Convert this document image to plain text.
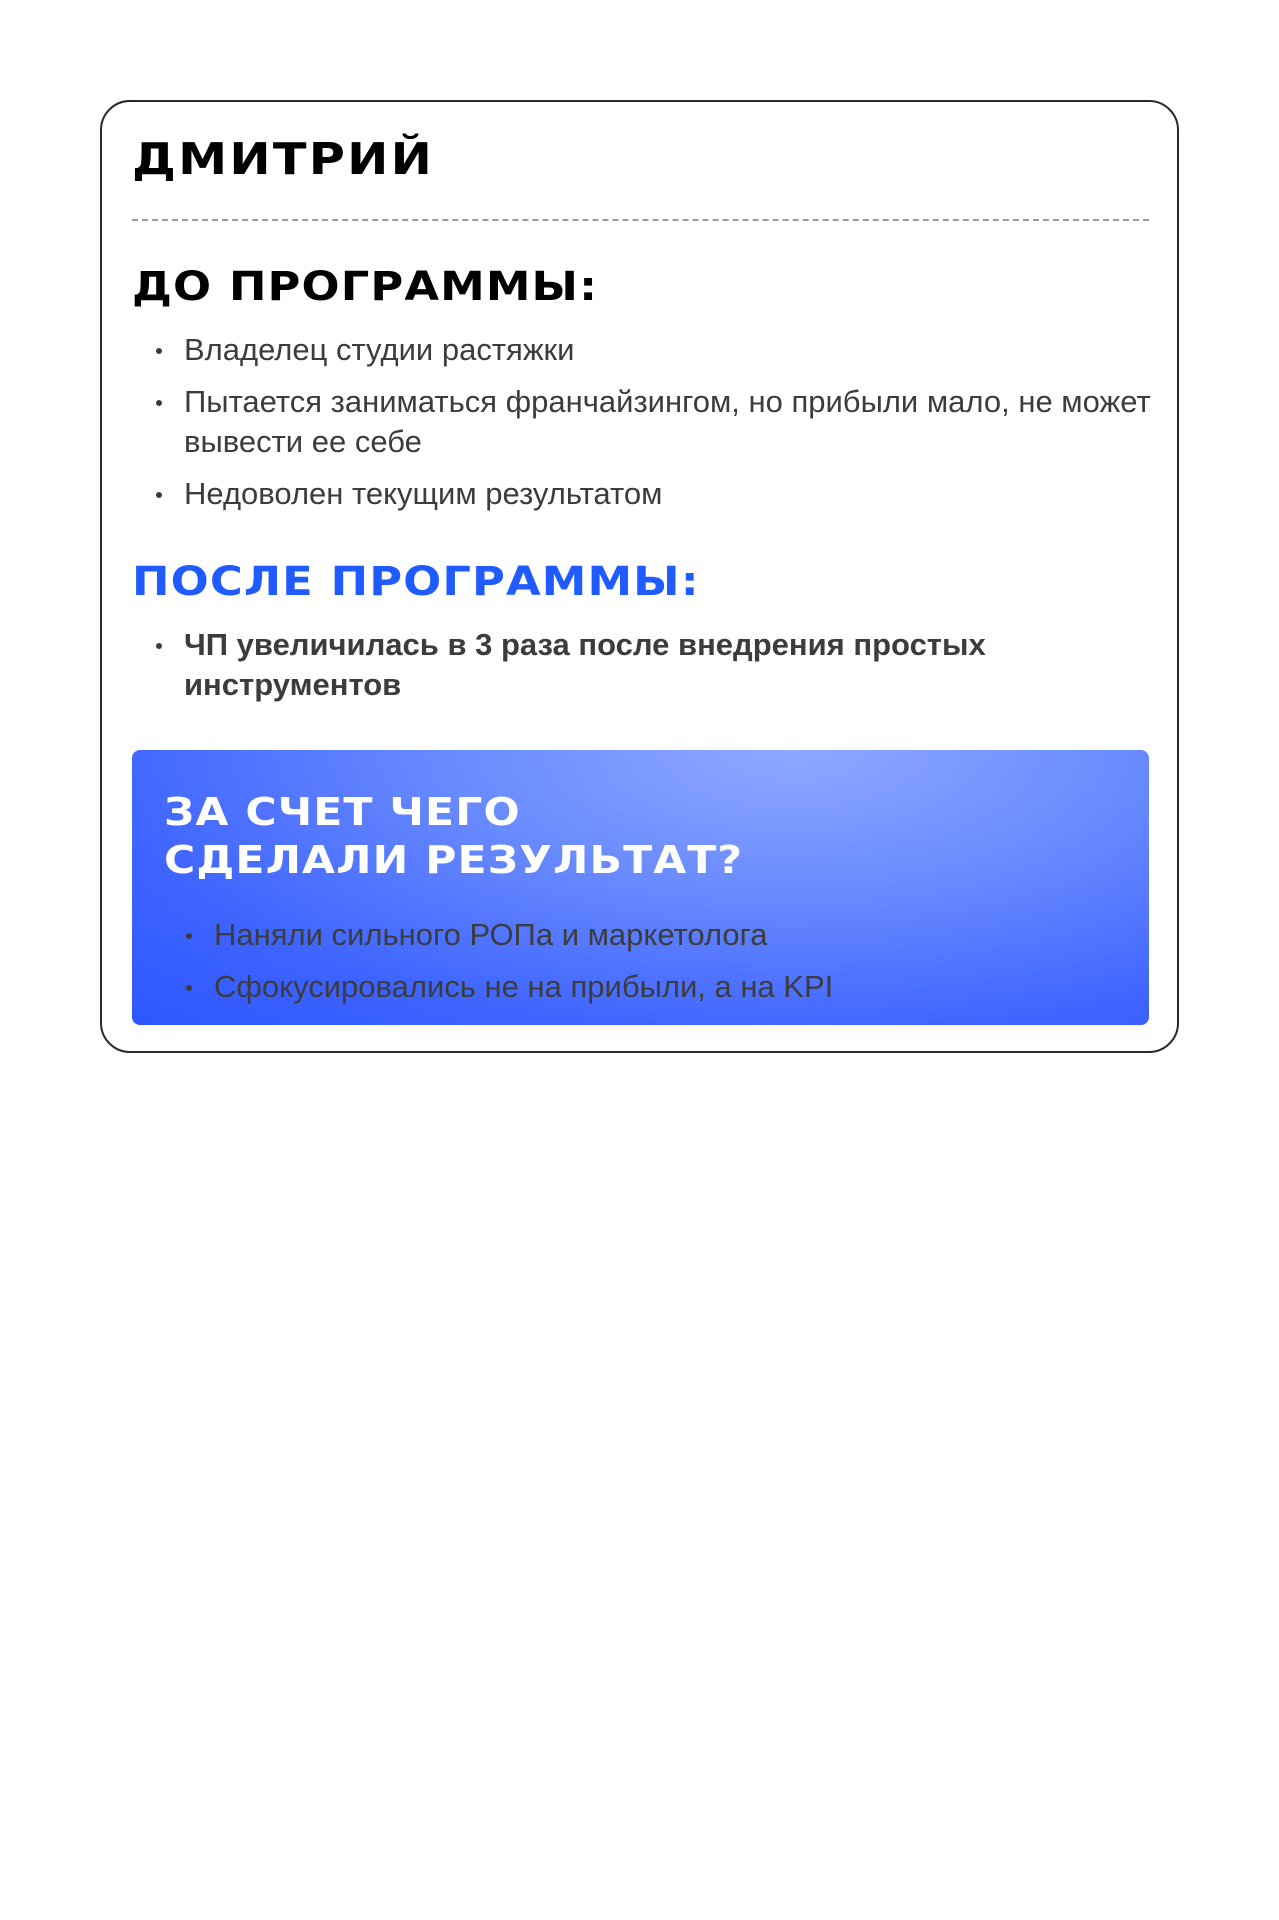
ДМИТРИЙ
ДО ПРОГРАММЫ:
Владелец студии растяжки
Пытается заниматься франчайзингом, но прибыли мало, не может вывести ее себе
Недоволен текущим результатом
ПОСЛЕ ПРОГРАММЫ:
ЧП увеличилась в 3 раза после внедрения простых инструментов
ЗА СЧЕТ ЧЕГО
СДЕЛАЛИ РЕЗУЛЬТАТ?
Наняли сильного РОПа и маркетолога
Сфокусировались не на прибыли, а на KPI
